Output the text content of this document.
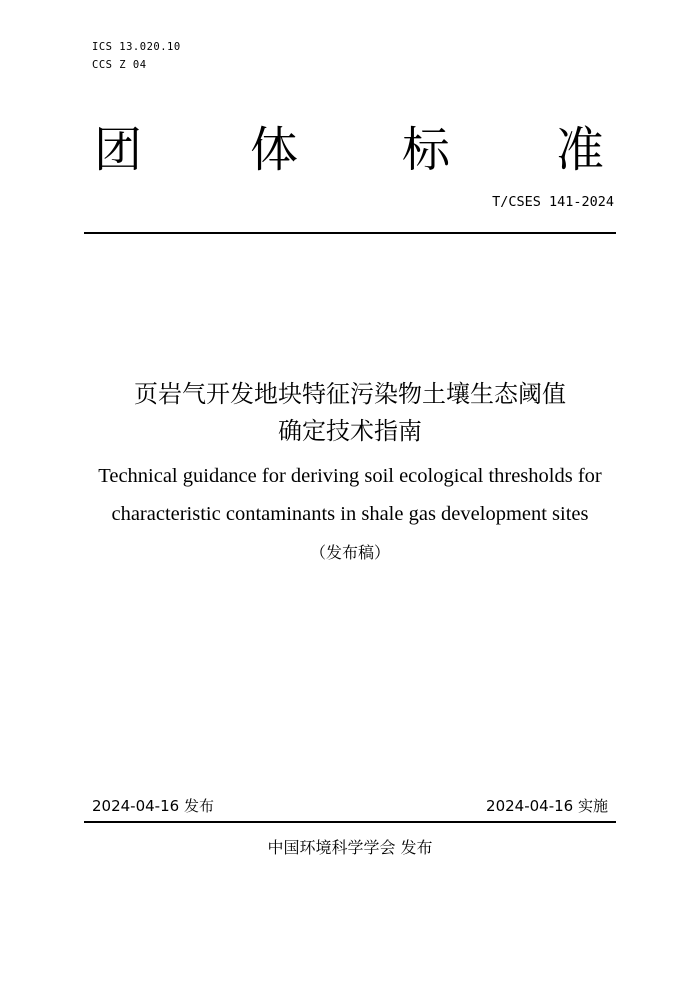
ICS 13.020.10
CCS Z 04
团 体 标 准
T/CSES 141-2024
页岩气开发地块特征污染物土壤生态阈值
确定技术指南
Technical guidance for deriving soil ecological thresholds for
characteristic contaminants in shale gas development sites
（发布稿）
2024-04-16 发布	2024-04-16 实施
中国环境科学学会 发布
